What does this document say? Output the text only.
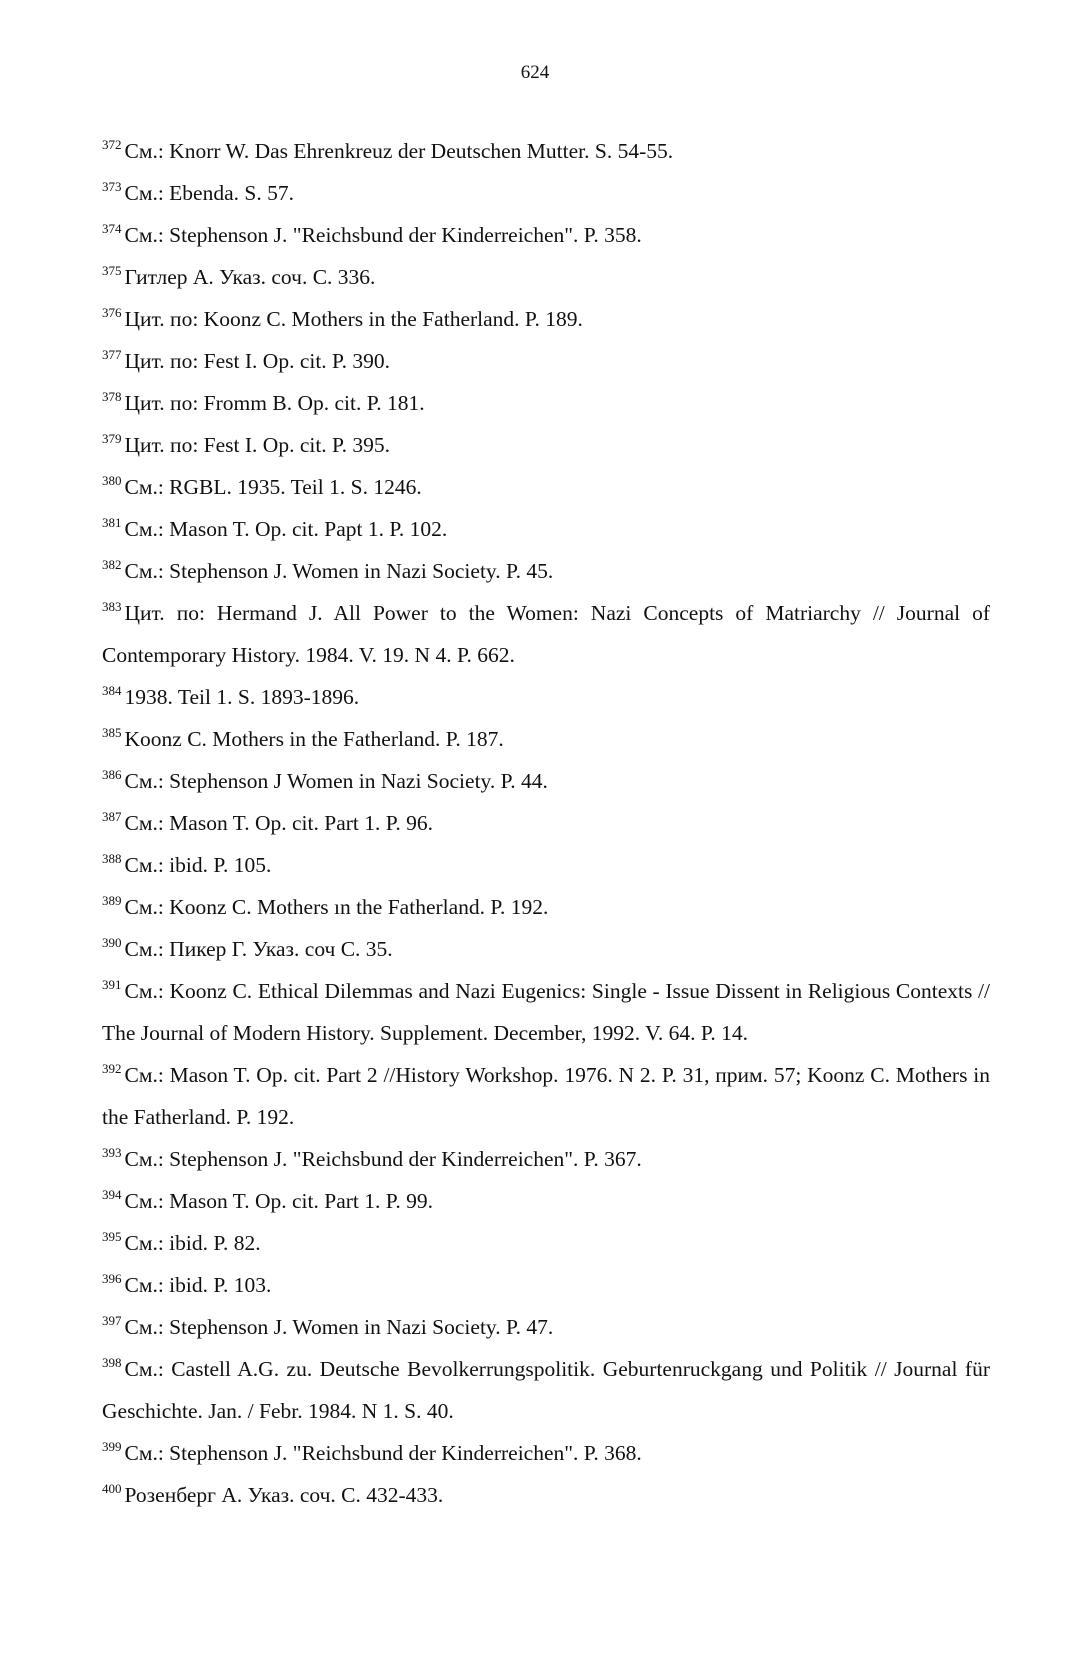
624
$^{372}$ См.: Knorr W. Das Ehrenkreuz der Deutschen Mutter. S. 54-55.
$^{373}$ См.: Ebenda. S. 57.
$^{374}$ См.: Stephenson J. "Reichsbund der Kinderreichen". P. 358.
$^{375}$ Гитлер А. Указ. соч. С. 336.
$^{376}$ Цит. по: Koonz C. Mothers in the Fatherland. P. 189.
$^{377}$ Цит. по: Fest I. Op. cit. P. 390.
$^{378}$ Цит. по: Fromm B. Op. cit. P. 181.
$^{379}$ Цит. по: Fest I. Op. cit. P. 395.
$^{380}$ См.: RGBL. 1935. Teil 1. S. 1246.
$^{381}$ См.: Mason T. Op. cit. Papt 1. P. 102.
$^{382}$ См.: Stephenson J. Women in Nazi Society. P. 45.
$^{383}$ Цит. по: Hermand J. All Power to the Women: Nazi Concepts of Matriarchy // Journal of Contemporary History. 1984. V. 19. N 4. P. 662.
$^{384}$ 1938. Teil 1. S. 1893-1896.
$^{385}$ Koonz C. Mothers in the Fatherland. P. 187.
$^{386}$ См.: Stephenson J Women in Nazi Society. P. 44.
$^{387}$ См.: Mason T. Op. cit. Part 1. P. 96.
$^{388}$ См.: ibid. P. 105.
$^{389}$ См.: Koonz C. Mothers ın the Fatherland. P. 192.
$^{390}$ См.: Пикер Г. Указ. соч С. 35.
$^{391}$ См.: Koonz C. Ethical Dilemmas and Nazi Eugenics: Single - Issue Dissent in Religious Contexts // The Journal of Modern History. Supplement. December, 1992. V. 64. P. 14.
$^{392}$ См.: Mason T. Op. cit. Part 2 //History Workshop. 1976. N 2. P. 31, прим. 57; Koonz C. Mothers in the Fatherland. P. 192.
$^{393}$ См.: Stephenson J. "Reichsbund der Kinderreichen". P. 367.
$^{394}$ См.: Mason T. Op. cit. Part 1. P. 99.
$^{395}$ См.: ibid. P. 82.
$^{396}$ См.: ibid. P. 103.
$^{397}$ См.: Stephenson J. Women in Nazi Society. P. 47.
$^{398}$ См.: Castell A.G. zu. Deutsche Bevolkerrungspolitik. Geburtenruckgang und Politik // Journal für Geschichte. Jan. / Febr. 1984. N 1. S. 40.
$^{399}$ См.: Stephenson J. "Reichsbund der Kinderreichen". P. 368.
$^{400}$ Розенберг А. Указ. соч. С. 432-433.
